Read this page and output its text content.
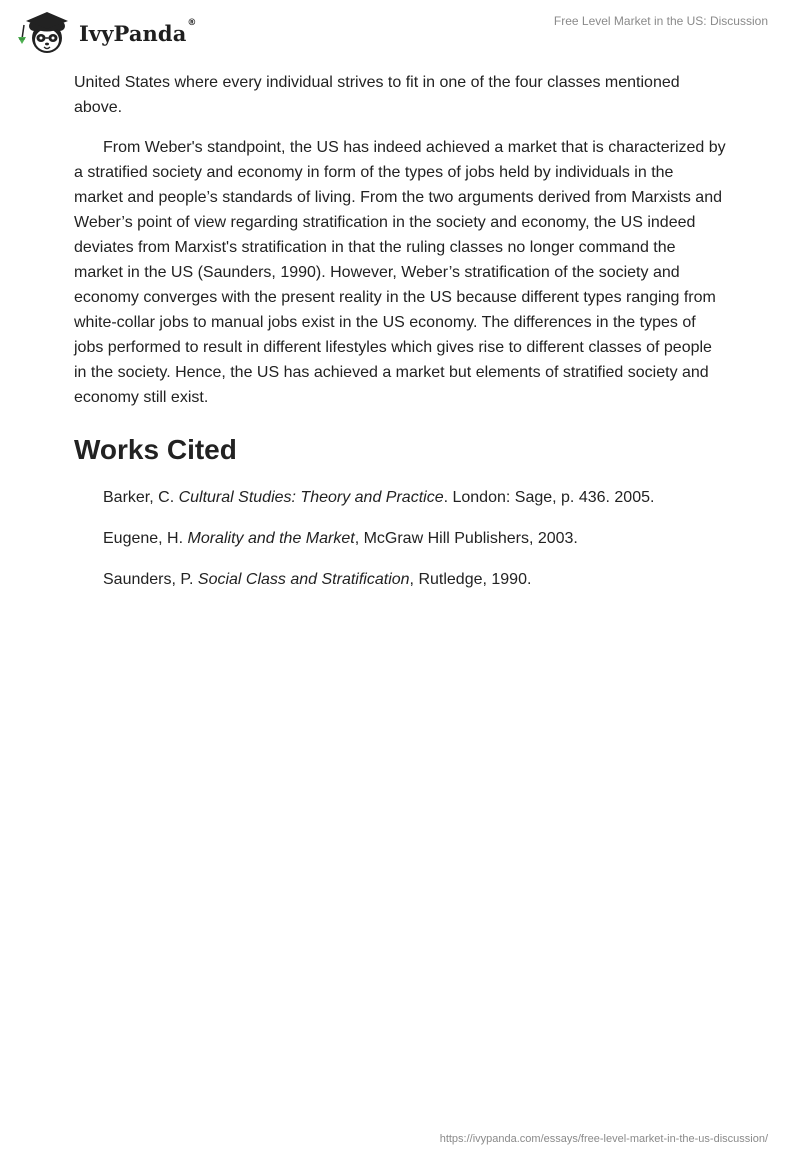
IvyPanda ®	Free Level Market in the US: Discussion

United States where every individual strives to fit in one of the four classes mentioned above.

From Weber's standpoint, the US has indeed achieved a market that is characterized by a stratified society and economy in form of the types of jobs held by individuals in the market and people’s standards of living. From the two arguments derived from Marxists and Weber’s point of view regarding stratification in the society and economy, the US indeed deviates from Marxist's stratification in that the ruling classes no longer command the market in the US (Saunders, 1990). However, Weber’s stratification of the society and economy converges with the present reality in the US because different types ranging from white-collar jobs to manual jobs exist in the US economy. The differences in the types of jobs performed to result in different lifestyles which gives rise to different classes of people in the society. Hence, the US has achieved a market but elements of stratified society and economy still exist.

Works Cited

Barker, C. Cultural Studies: Theory and Practice. London: Sage, p. 436. 2005.

Eugene, H. Morality and the Market, McGraw Hill Publishers, 2003.

Saunders, P. Social Class and Stratification, Rutledge, 1990.

https://ivypanda.com/essays/free-level-market-in-the-us-discussion/
